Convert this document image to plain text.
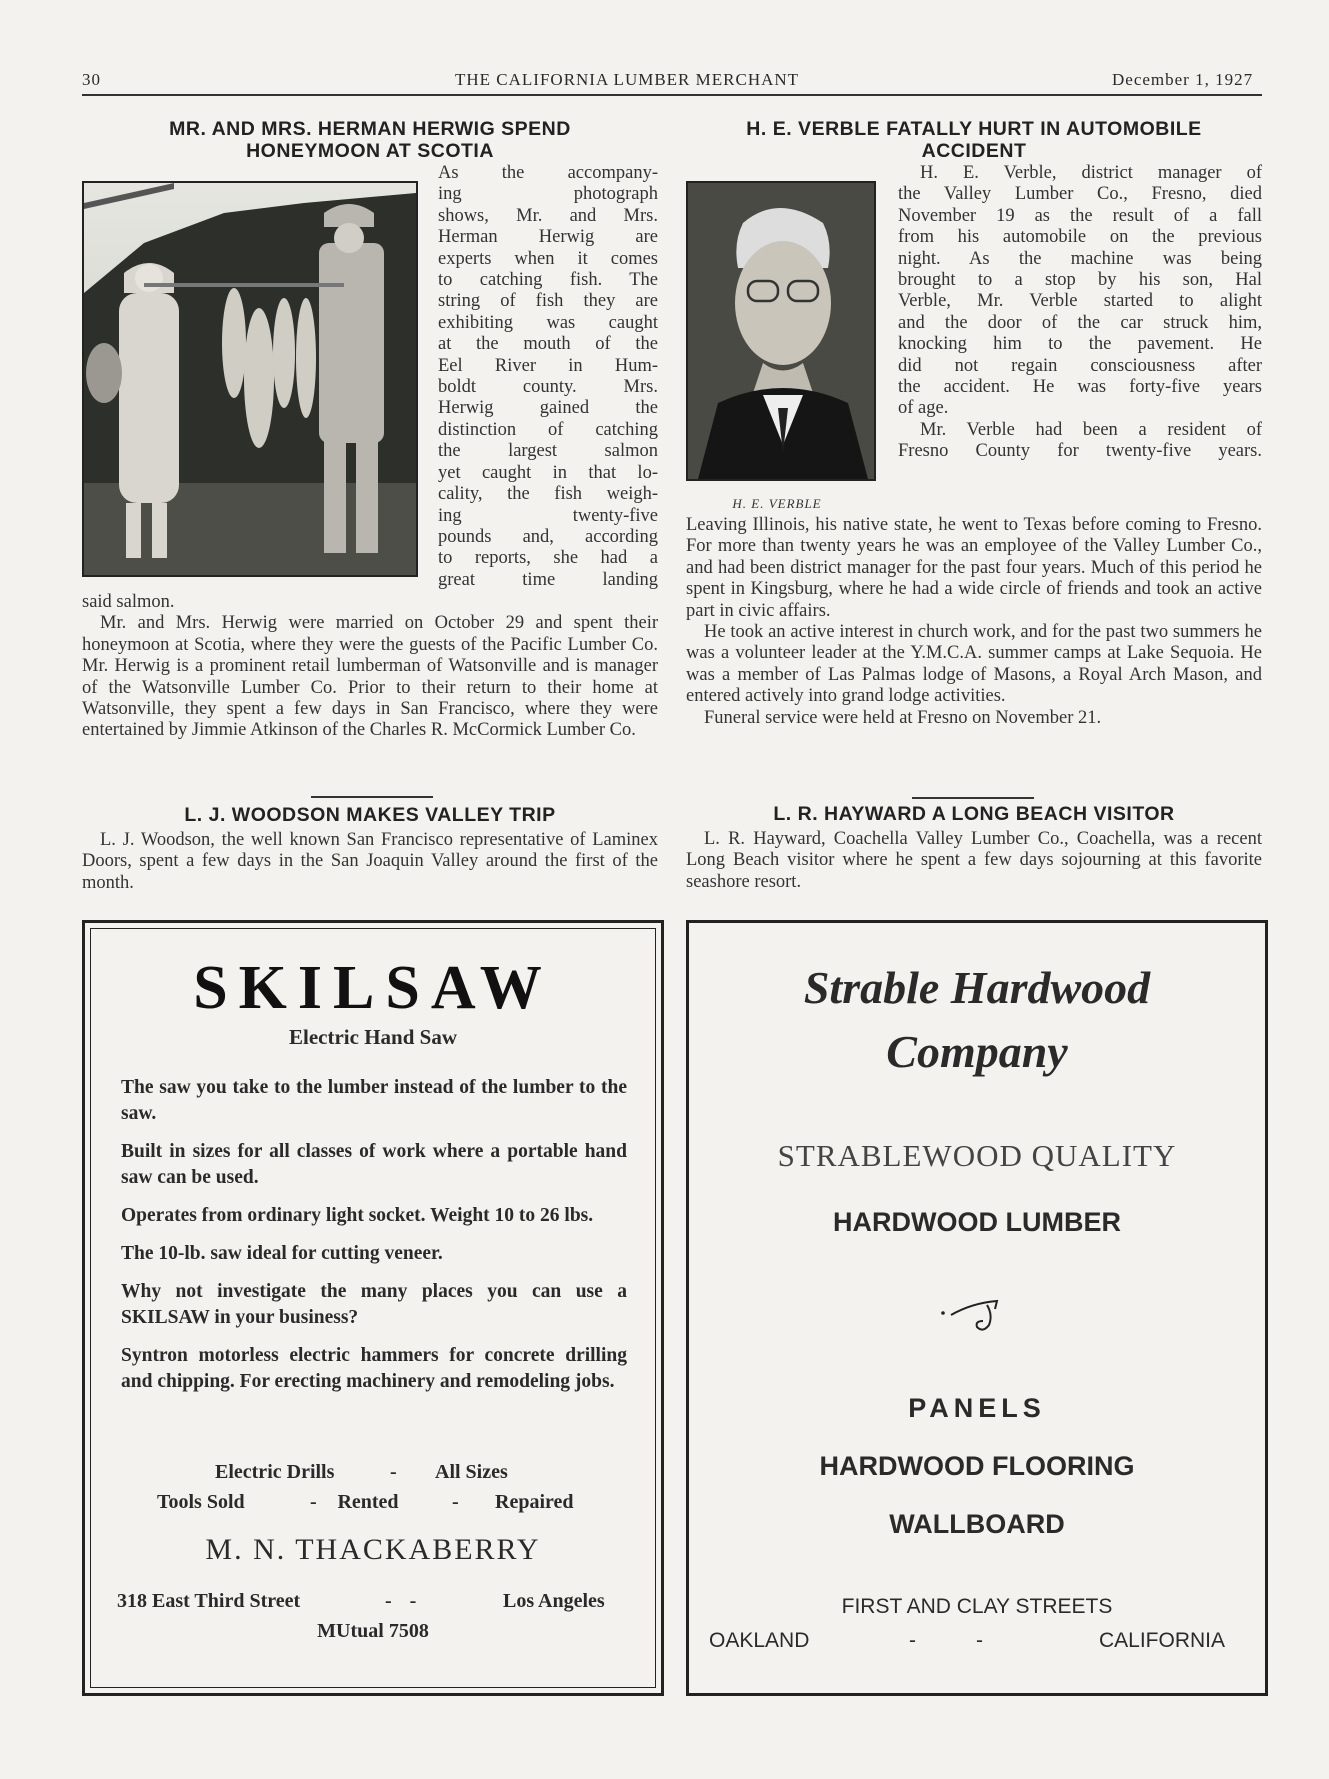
30	THE CALIFORNIA LUMBER MERCHANT	December 1, 1927
MR. AND MRS. HERMAN HERWIG SPEND
HONEYMOON AT SCOTIA
As the accompany-
ing photograph
shows, Mr. and Mrs.
Herman Herwig are
experts when it comes
to catching fish. The
string of fish they are
exhibiting was caught
at the mouth of the
Eel River in Hum-
boldt county. Mrs.
Herwig gained the
distinction of catching
the largest salmon
yet caught in that lo-
cality, the fish weigh-
ing twenty-five
pounds and, according
to reports, she had a
great time landing
said salmon.

Mr. and Mrs. Herwig were married on October 29 and spent their honeymoon at Scotia, where they were the guests of the Pacific Lumber Co. Mr. Herwig is a prominent retail lumberman of Watsonville and is manager of the Watsonville Lumber Co. Prior to their return to their home at Watsonville, they spent a few days in San Francisco, where they were entertained by Jimmie Atkinson of the Charles R. McCormick Lumber Co.

L. J. WOODSON MAKES VALLEY TRIP

L. J. Woodson, the well known San Francisco representative of Laminex Doors, spent a few days in the San Joaquin Valley around the first of the month.

H. E. VERBLE FATALLY HURT IN AUTOMOBILE
ACCIDENT
H. E. VERBLE
H. E. Verble, district manager of
the Valley Lumber Co., Fresno, died
November 19 as the result of a fall
from his automobile on the previous
night. As the machine was being
brought to a stop by his son, Hal
Verble, Mr. Verble started to alight
and the door of the car struck him,
knocking him to the pavement. He
did not regain consciousness after
the accident. He was forty-five years
of age.
Mr. Verble had been a resident of
Fresno County for twenty-five years.
Leaving Illinois, his native state, he went to Texas before coming to Fresno. For more than twenty years he was an employee of the Valley Lumber Co., and had been district manager for the past four years. Much of this period he spent in Kingsburg, where he had a wide circle of friends and took an active part in civic affairs.

He took an active interest in church work, and for the past two summers he was a volunteer leader at the Y.M.C.A. summer camps at Lake Sequoia. He was a member of Las Palmas lodge of Masons, a Royal Arch Mason, and entered actively into grand lodge activities.

Funeral service were held at Fresno on November 21.

L. R. HAYWARD A LONG BEACH VISITOR

L. R. Hayward, Coachella Valley Lumber Co., Coachella, was a recent Long Beach visitor where he spent a few days sojourning at this favorite seashore resort.

SKILSAW
Electric Hand Saw

The saw you take to the lumber instead of the lumber to the saw.

Built in sizes for all classes of work where a portable hand saw can be used.

Operates from ordinary light socket. Weight 10 to 26 lbs.

The 10-lb. saw ideal for cutting veneer.

Why not investigate the many places you can use a SKILSAW in your business?

Syntron motorless electric hammers for concrete drilling and chipping. For erecting machinery and remodeling jobs.

Electric Drills	- All Sizes
Tools Sold	-	Rented	- Repaired
M. N. THACKABERRY
318 East Third Street	--	Los Angeles
MUtual 7508
Strable Hardwood
Company
STRABLEWOOD QUALITY
HARDWOOD LUMBER
PANELS
HARDWOOD FLOORING
WALLBOARD
FIRST AND CLAY STREETS
OAKLAND	--	CALIFORNIA
